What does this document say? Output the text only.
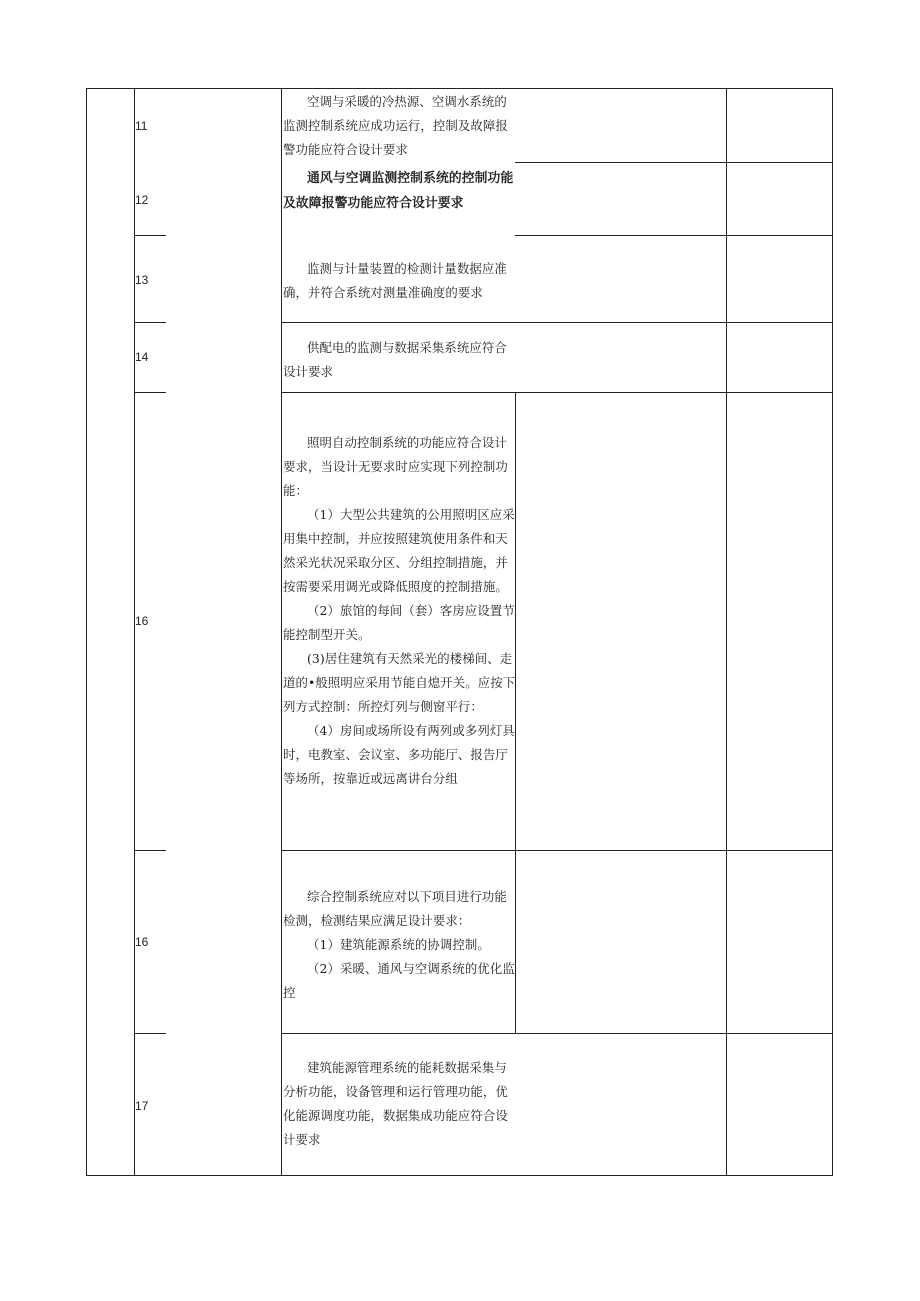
11

空调与采暖的冷热源、空调水系统的监测控制系统应成功运行，控制及故障报警功能应符合设计要求

12

通风与空调监测控制系统的控制功能及故障报警功能应符合设计要求

13

监测与计量装置的检测计量数据应准确，并符合系统对测量准确度的要求

14

供配电的监测与数据采集系统应符合设计要求

16

照明自动控制系统的功能应符合设计要求，当设计无要求时应实现下列控制功能：

（1）大型公共建筑的公用照明区应采用集中控制，并应按照建筑使用条件和天然采光状况采取分区、分组控制措施，并按需要采用调光或降低照度的控制措施。

（2）旅馆的每间（套）客房应设置节能控制型开关。

(3)居住建筑有天然采光的楼梯间、走道的•般照明应采用节能自熄开关。应按下列方式控制：所控灯列与侧窗平行：

（4）房间或场所设有两列或多列灯具时，电教室、会议室、多功能厅、报告厅等场所，按靠近或远离讲台分组

16

综合控制系统应对以下项目进行功能检测，检测结果应满足设计要求：

（1）建筑能源系统的协调控制。

（2）采暖、通风与空调系统的优化监控

17

建筑能源管理系统的能耗数据采集与分析功能，设备管理和运行管理功能，优化能源调度功能，数据集成功能应符合设计要求
